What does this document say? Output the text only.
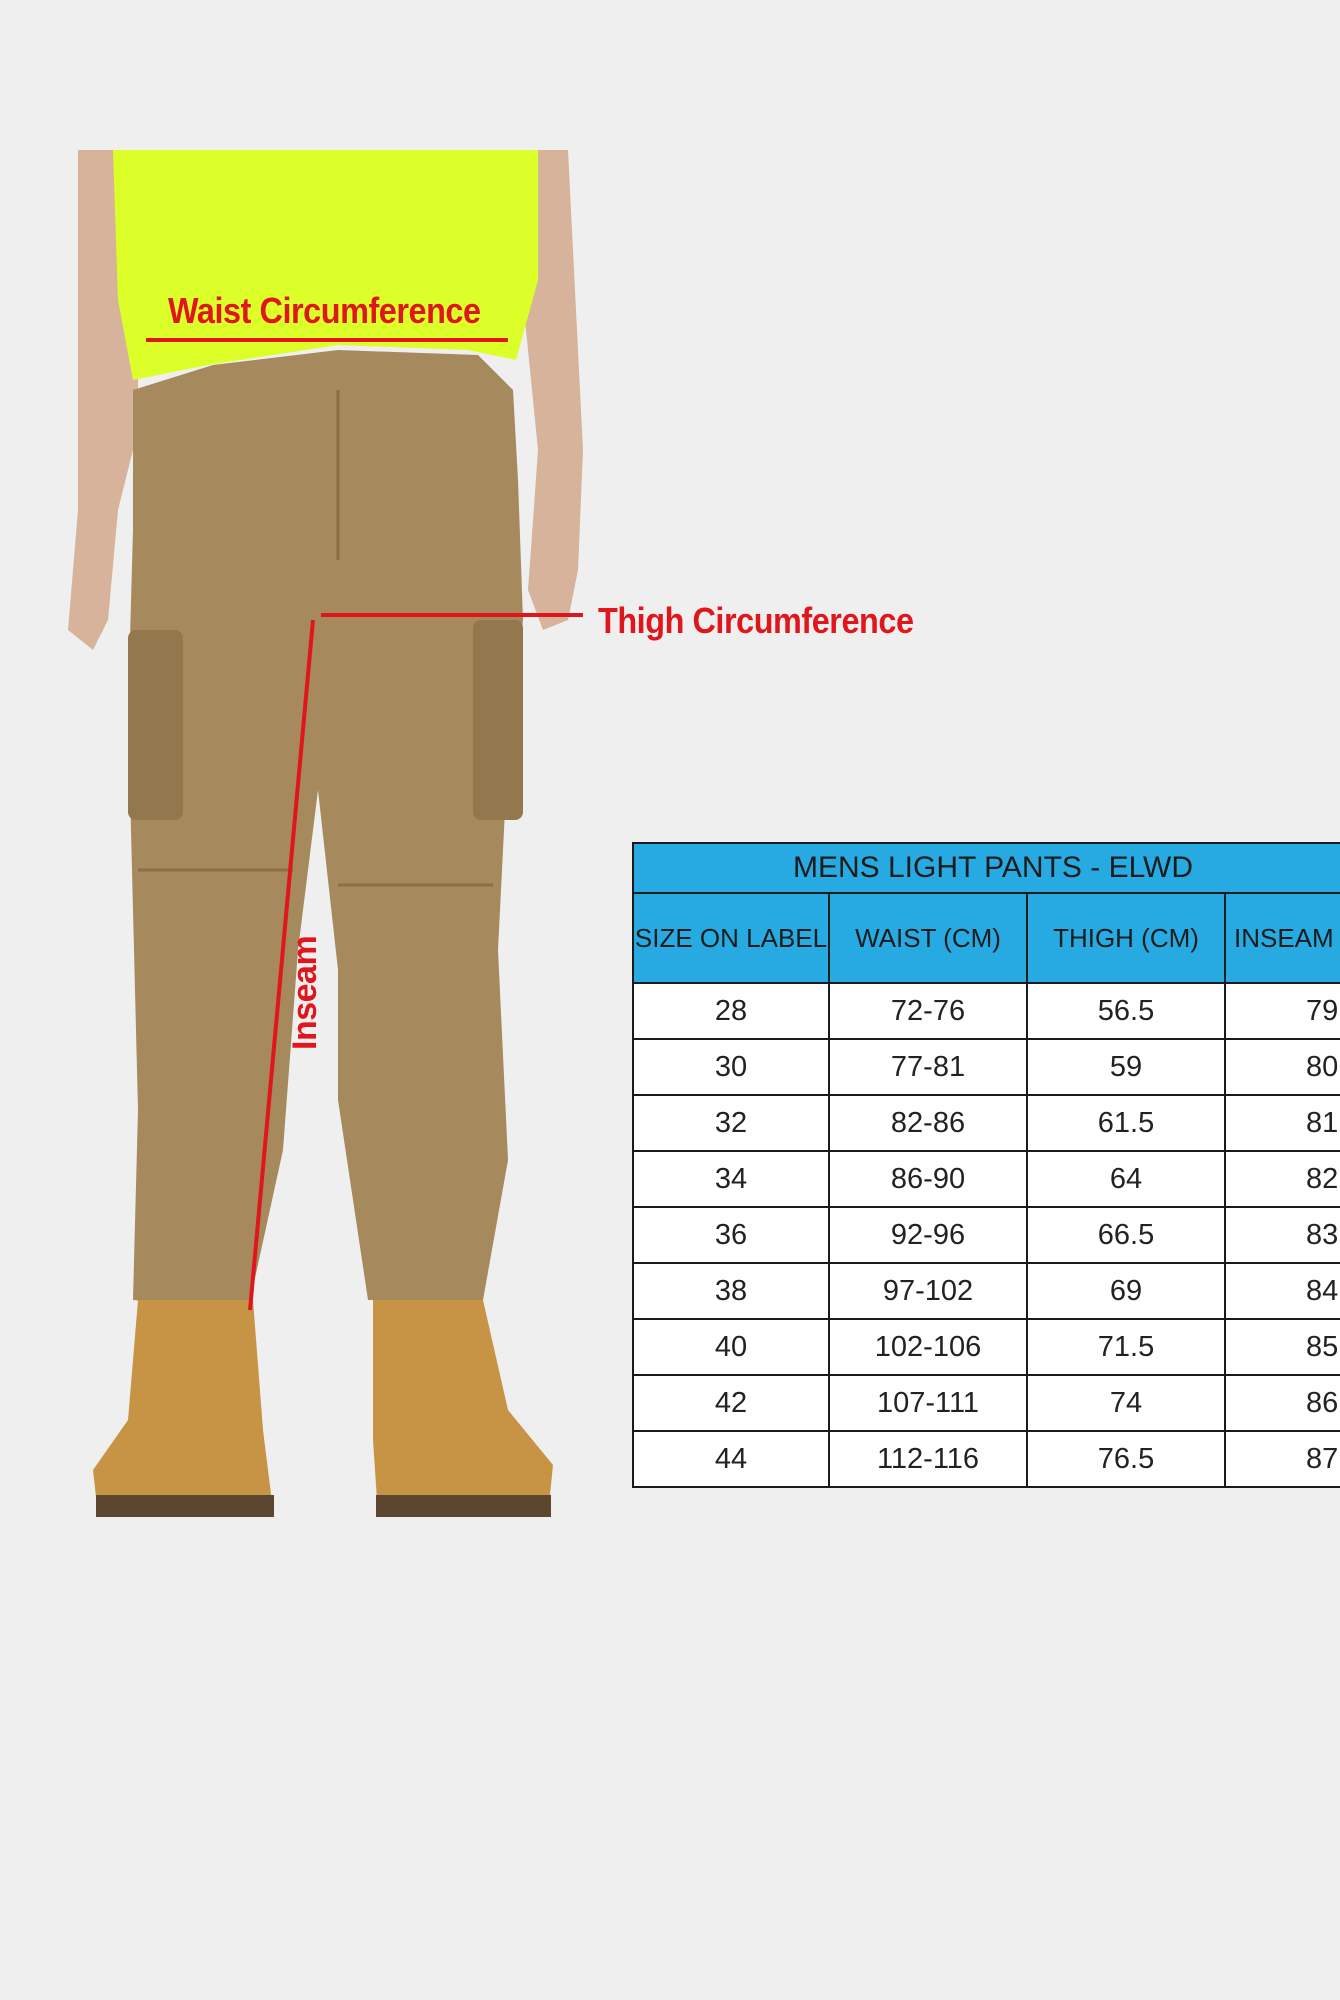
Waist Circumference
Thigh Circumference
Inseam
MENS LIGHT PANTS - ELWD			
SIZE ON LABEL	WAIST (CM)	THIGH (CM)	INSEAM
28	72-76	56.5	79
30	77-81	59	80
32	82-86	61.5	81
34	86-90	64	82
36	92-96	66.5	83
38	97-102	69	84
40	102-106	71.5	85
42	107-111	74	86
44	112-116	76.5	87
